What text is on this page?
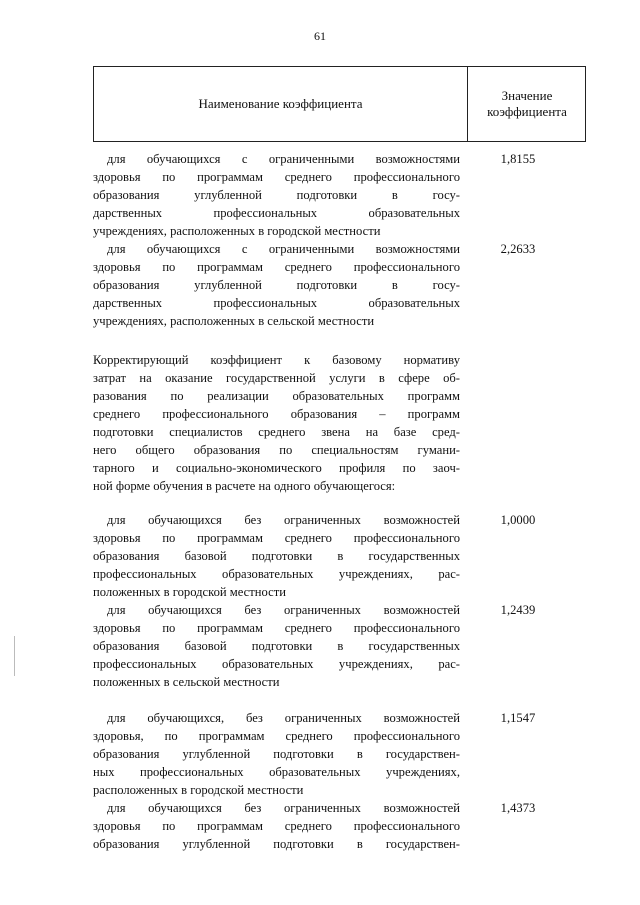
61
Наименование коэффициента
Значение
коэффициента
для обучающихся с ограниченными возможностями
здоровья по программам среднего профессионального
образования углубленной подготовки в госу-
дарственных профессиональных образовательных
учреждениях, расположенных в городской местности
1,8155
для обучающихся с ограниченными возможностями
здоровья по программам среднего профессионального
образования углубленной подготовки в госу-
дарственных профессиональных образовательных
учреждениях, расположенных в сельской местности
2,2633
Корректирующий коэффициент к базовому нормативу
затрат на оказание государственной услуги в сфере об-
разования по реализации образовательных программ
среднего профессионального образования – программ
подготовки специалистов среднего звена на базе сред-
него общего образования по специальностям гумани-
тарного и социально-экономического профиля по заоч-
ной форме обучения в расчете на одного обучающегося:
для обучающихся без ограниченных возможностей
здоровья по программам среднего профессионального
образования базовой подготовки в государственных
профессиональных образовательных учреждениях, рас-
положенных в городской местности
1,0000
для обучающихся без ограниченных возможностей
здоровья по программам среднего профессионального
образования базовой подготовки в государственных
профессиональных образовательных учреждениях, рас-
положенных в сельской местности
1,2439
для обучающихся, без ограниченных возможностей
здоровья, по программам среднего профессионального
образования углубленной подготовки в государствен-
ных профессиональных образовательных учреждениях,
расположенных в городской местности
1,1547
для обучающихся без ограниченных возможностей
здоровья по программам среднего профессионального
образования углубленной подготовки в государствен-
1,4373
